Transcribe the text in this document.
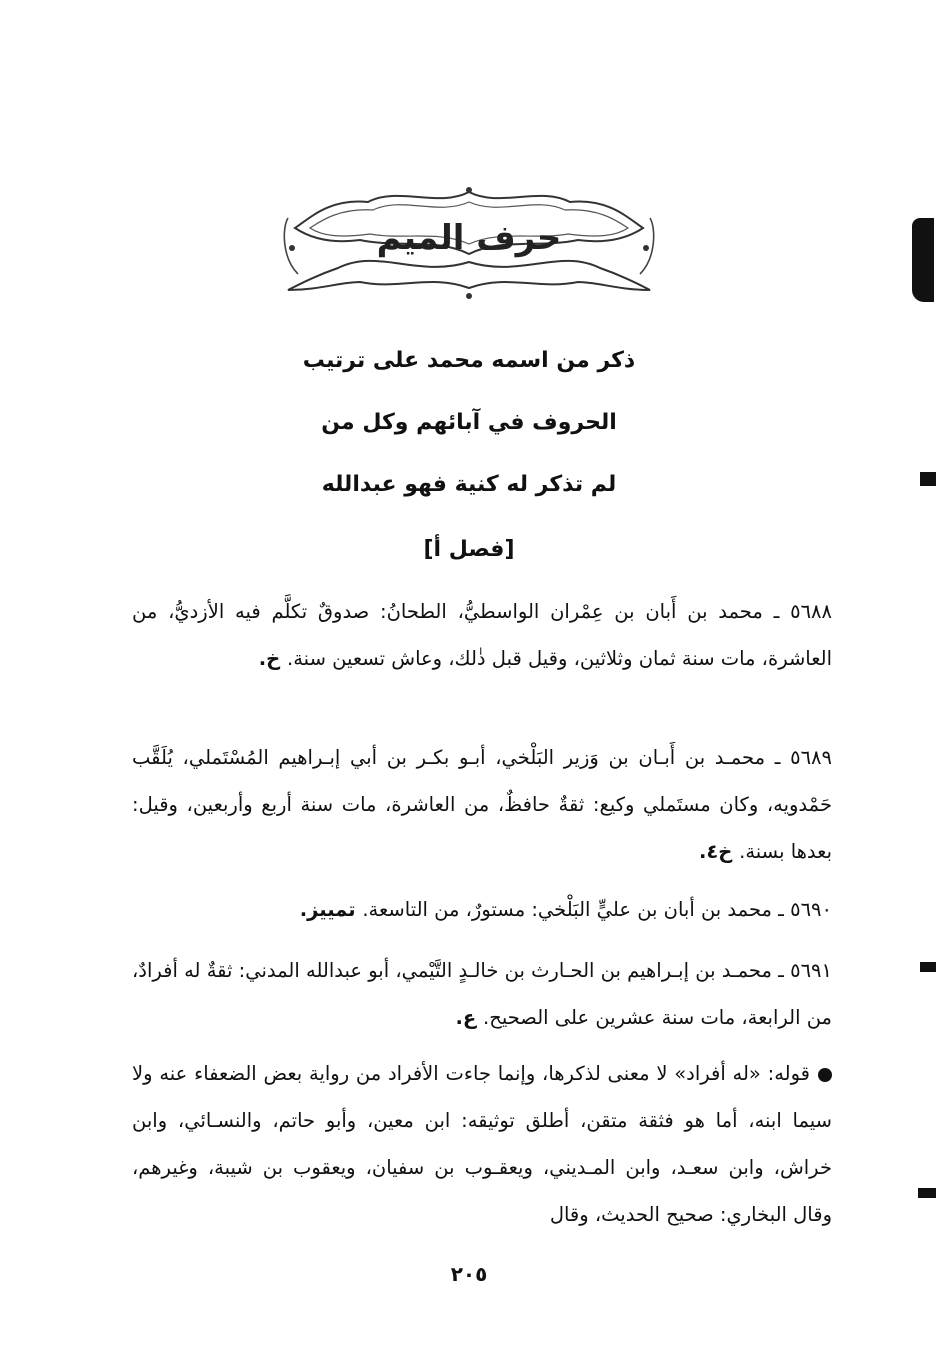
حرف الميم
ذكر من اسمه محمد على ترتيب
الحروف في آبائهم وكل من
لم تذكر له كنية فهو عبدالله
[فصل أ]
٥٦٨٨ ـ محمد بن أَبان بن عِمْران الواسطيُّ، الطحانُ: صدوقٌ تكلَّم فيه الأزديُّ، من العاشرة، مات سنة ثمان وثلاثين، وقيل قبل ذٰلك، وعاش تسعين سنة. خ.
٥٦٨٩ ـ محمـد بن أَبـان بن وَزير البَلْخي، أبـو بكـر بن أبي إبـراهيم المُسْتَملي، يُلَقَّب حَمْدويه، وكان مستَملي وكيع: ثقةٌ حافظٌ، من العاشرة، مات سنة أربع وأربعين، وقيل: بعدها بسنة. خ٤.
٥٦٩٠ ـ محمد بن أبان بن عليٍّ البَلْخي: مستورٌ، من التاسعة. تمييز.
٥٦٩١ ـ محمـد بن إبـراهيم بن الحـارث بن خالـدٍ التَّيْمي، أبو عبدالله المدني: ثقةٌ له أفرادٌ، من الرابعة، مات سنة عشرين على الصحيح. ع.
قوله: «له أفراد» لا معنى لذكرها، وإنما جاءت الأفراد من رواية بعض الضعفاء عنه ولا سيما ابنه، أما هو فثقة متقن، أطلق توثيقه: ابن معين، وأبو حاتم، والنسـائي، وابن خراش، وابن سعـد، وابن المـديني، ويعقـوب بن سفيان، ويعقوب بن شيبة، وغيرهم، وقال البخاري: صحيح الحديث، وقال
٢٠٥
